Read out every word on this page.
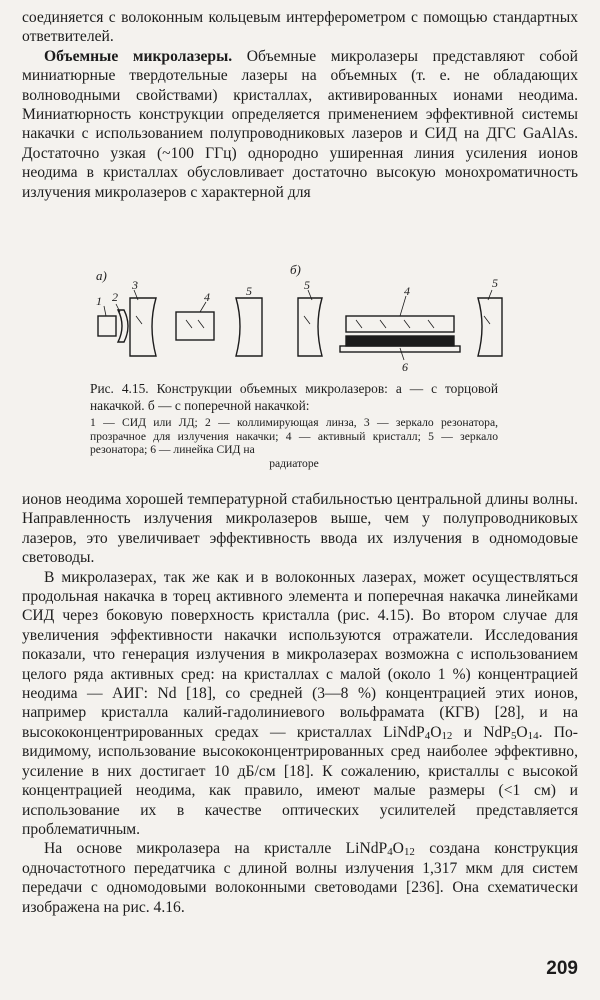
соединяется с волоконным кольцевым интерферометром с помощью стандартных ответвителей.

Объемные микролазеры. Объемные микролазеры представляют собой миниатюрные твердотельные лазеры на объемных (т. е. не обладающих волноводными свойствами) кристаллах, активированных ионами неодима. Миниатюрность конструкции определяется применением эффективной системы накачки с использованием полупроводниковых лазеров и СИД на ДГС GaAlAs. Достаточно узкая (~100 ГГц) однородно уширенная линия усиления ионов неодима в кристаллах обусловливает достаточно высокую монохроматичность излучения микролазеров с характерной для

а)	б)
1 2
3
4	5	5	4
5
6
Рис. 4.15. Конструкции объемных микролазеров: а — с торцовой накачкой. б — с поперечной накачкой:
1 — СИД или ЛД; 2 — коллимирующая линза, 3 — зеркало резонатора, прозрачное для излучения накачки; 4 — активный кристалл; 5 — зеркало резонатора; 6 — линейка СИД на
радиаторе

ионов неодима хорошей температурной стабильностью центральной длины волны. Направленность излучения микролазеров выше, чем у полупроводниковых лазеров, это увеличивает эффективность ввода их излучения в одномодовые световоды.

В микролазерах, так же как и в волоконных лазерах, может осуществляться продольная накачка в торец активного элемента и поперечная накачка линейками СИД через боковую поверхность кристалла (рис. 4.15). Во втором случае для увеличения эффективности накачки используются отражатели. Исследования показали, что генерация излучения в микролазерах возможна с использованием целого ряда активных сред: на кристаллах с малой (около 1 %) концентрацией неодима — АИГ: Nd [18], со средней (3—8 %) концентрацией этих ионов, например кристалла калий-гадолиниевого вольфрамата (КГВ) [28], и на высококонцентрированных средах — кристаллах $LiNdP_4O_{12}$ и $NdP_5O_{14}$. По-видимому, использование высококонцентрированных сред наиболее эффективно, усиление в них достигает 10 дБ/см [18]. К сожалению, кристаллы с высокой концентрацией неодима, как правило, имеют малые размеры (<1 см) и использование их в качестве оптических усилителей представляется проблематичным.

На основе микролазера на кристалле $LiNdP_4O_{12}$ создана конструкция одночастотного передатчика с длиной волны излучения 1,317 мкм для систем передачи с одномодовыми волоконными световодами [236]. Она схематически изображена на рис. 4.16.

209
